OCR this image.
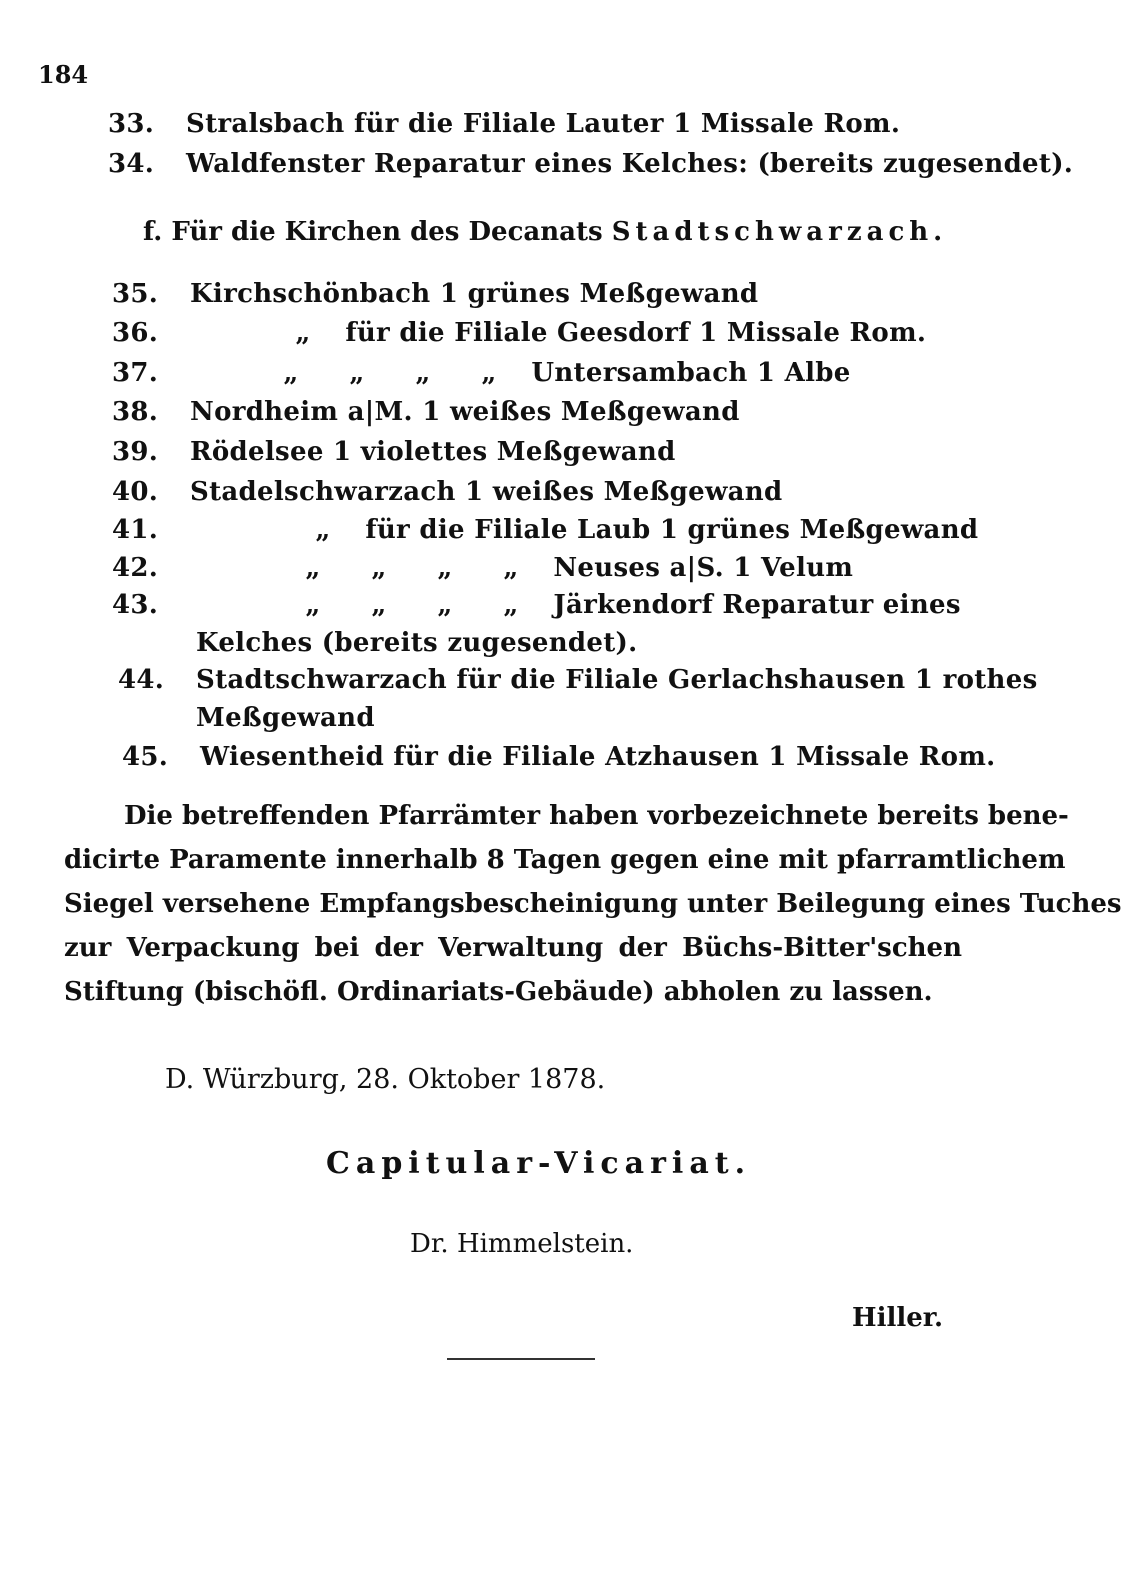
184
33.	Stralsbach für die Filiale Lauter 1 Missale Rom.
34.	Waldfenster Reparatur eines Kelches: (bereits zugesendet).
f. Für die Kirchen des Decanats Stadtschwarzach.
35.	Kirchschönbach 1 grünes Meßgewand
36.	„ für die Filiale Geesdorf 1 Missale Rom.
37.	„ „ „ „ Untersambach 1 Albe
38.	Nordheim a|M. 1 weißes Meßgewand
39.	Rödelsee 1 violettes Meßgewand
40.	Stadelschwarzach 1 weißes Meßgewand
41.	„ für die Filiale Laub 1 grünes Meßgewand
42.	„ „ „ „ Neuses a|S. 1 Velum
43.	„ „ „ „ Järkendorf Reparatur eines
Kelches (bereits zugesendet).
44.	Stadtschwarzach für die Filiale Gerlachshausen 1 rothes
Meßgewand
45.	Wiesentheid für die Filiale Atzhausen 1 Missale Rom.
Die betreffenden Pfarrämter haben vorbezeichnete bereits bene-
dicirte Paramente innerhalb 8 Tagen gegen eine mit pfarramtlichem
Siegel versehene Empfangsbescheinigung unter Beilegung eines Tuches
zur Verpackung bei der Verwaltung der Büchs-Bitter'schen
Stiftung (bischöfl. Ordinariats-Gebäude) abholen zu lassen.
D. Würzburg, 28. Oktober 1878.
Capitular-Vicariat.
Dr. Himmelstein.
Hiller.
